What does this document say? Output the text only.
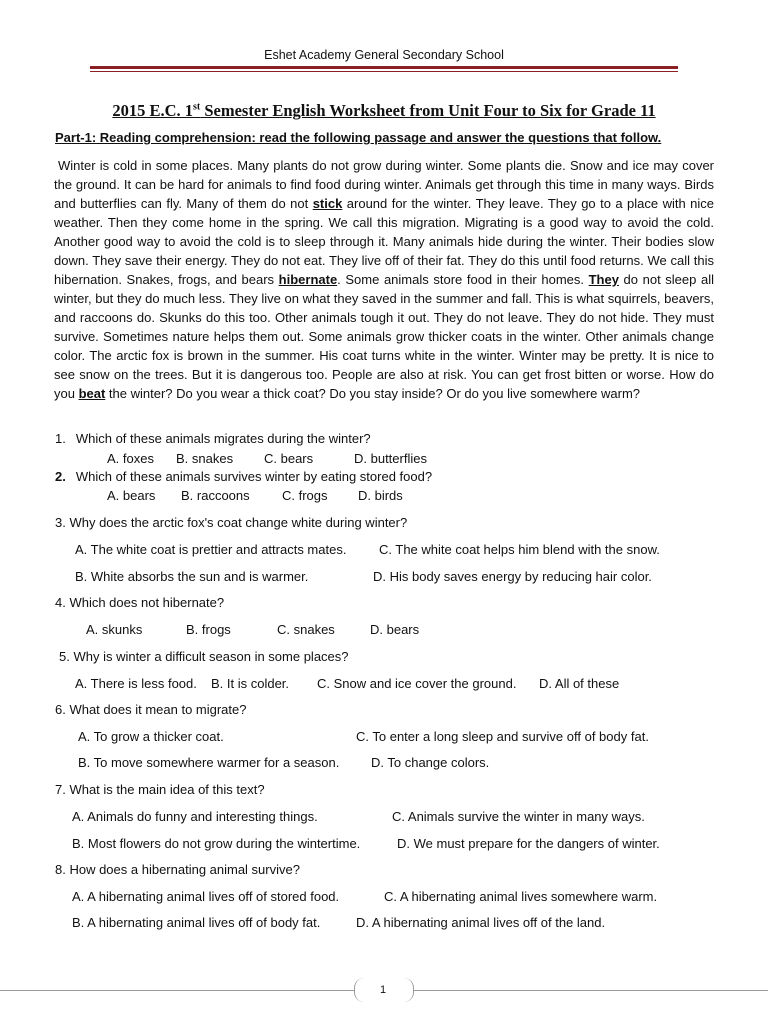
Eshet Academy General Secondary School
2015 E.C. 1st Semester English Worksheet from Unit Four to Six for Grade 11
Part-1: Reading comprehension: read the following passage and answer the questions that follow.

Winter is cold in some places. Many plants do not grow during winter. Some plants die. Snow and ice may cover the ground. It can be hard for animals to find food during winter. Animals get through this time in many ways. Birds and butterflies can fly. Many of them do not stick around for the winter. They leave. They go to a place with nice weather. Then they come home in the spring. We call this migration. Migrating is a good way to avoid the cold. Another good way to avoid the cold is to sleep through it. Many animals hide during the winter. Their bodies slow down. They save their energy. They do not eat. They live off of their fat. They do this until food returns. We call this hibernation. Snakes, frogs, and bears hibernate. Some animals store food in their homes. They do not sleep all winter, but they do much less. They live on what they saved in the summer and fall. This is what squirrels, beavers, and raccoons do. Skunks do this too. Other animals tough it out. They do not leave. They do not hide. They must survive. Sometimes nature helps them out. Some animals grow thicker coats in the winter. Other animals change color. The arctic fox is brown in the summer. His coat turns white in the winter. Winter may be pretty. It is nice to see snow on the trees. But it is dangerous too. People are also at risk. You can get frost bitten or worse. How do you beat the winter? Do you wear a thick coat? Do you stay inside? Or do you live somewhere warm?

1. Which of these animals migrates during the winter?
A. foxes B. snakes C. bears	D. butterflies
2. Which of these animals survives winter by eating stored food?
A. bears B. raccoons C. frogs D. birds
3. Why does the arctic fox's coat change white during winter?
A. The white coat is prettier and attracts mates.	C. The white coat helps him blend with the snow.
B. White absorbs the sun and is warmer.	D. His body saves energy by reducing hair color.
4. Which does not hibernate?
A. skunks	B. frogs	C. snakes	D. bears
5. Why is winter a difficult season in some places?
A. There is less food. B. It is colder. C. Snow and ice cover the ground. D. All of these
6. What does it mean to migrate?
A. To grow a thicker coat.	C. To enter a long sleep and survive off of body fat.
B. To move somewhere warmer for a season. D. To change colors.
7. What is the main idea of this text?
A. Animals do funny and interesting things.	C. Animals survive the winter in many ways.
B. Most flowers do not grow during the wintertime.	D. We must prepare for the dangers of winter.
8. How does a hibernating animal survive?
A. A hibernating animal lives off of stored food.	C. A hibernating animal lives somewhere warm.
B. A hibernating animal lives off of body fat.	D. A hibernating animal lives off of the land.
1
